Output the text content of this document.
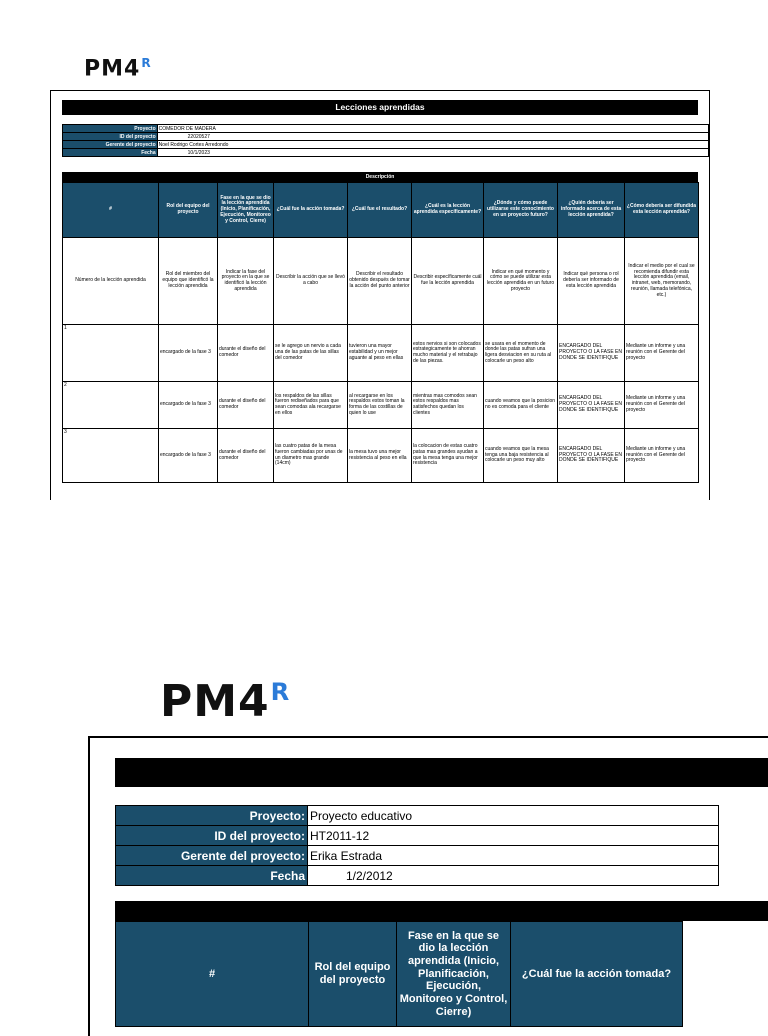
$PM4^R$
Lecciones aprendidas
Proyecto	COMEDOR DE MADERA
ID del proyecto	22020527
Gerente del proyecto	Noel Rodrigo Cortes Arredondo
Fecha	10/1/2023
Descripción
#	Rol del equipo del proyecto	Fase en la que se dio la lección aprendida (Inicio, Planificación, Ejecución, Monitoreo y Control, Cierre)	¿Cuál fue la acción tomada?	¿Cuál fue el resultado?	¿Cuál es la lección aprendida específicamente?	¿Dónde y cómo puede utilizarse este conocimiento en un proyecto futuro?	¿Quién debería ser informado acerca de esta lección aprendida?	¿Cómo debería ser difundida esta lección aprendida?
Número de la lección aprendida	Rol del miembro del equipo que identificó la lección aprendida	Indicar la fase del proyecto en la que se identificó la lección aprendida	Describir la acción que se llevó a cabo	Describir el resultado obtenido después de tomar la acción del punto anterior	Describir específicamente cuál fue la lección aprendida	Indicar en qué momento y cómo se puede utilizar esta lección aprendida en un futuro proyecto	Indicar qué persona o rol debería ser informado de esta lección aprendida	Indicar el medio por el cual se recomienda difundir esta lección aprendida (email, intranet, web, memorando, reunión, llamada telefónica, etc.)
1	encargado de la fase 3	durante el diseño del comedor	se le agrego un nervio a cada una de las patas de las sillas del comedor	tuvieron una mayor estabilidad y un mejor aguante al peso en ellas	estos nervios si son colocados estrategicamente te ahorran mucho material y el retrabajo de las piezas.	se usara en el momento de donde las patas sufran una ligera desviacion en su ruta al colocarle un peso alto	ENCARGADO DEL PROYECTO O LA FASE EN DONDE SE IDENTIFIQUE	Mediante un informe y una reunión con el Gerente del proyecto
2	encargado de la fase 3	durante el diseño del comedor	los respaldos de las sillas fueron rediseñados para que sean comodas ala recargarse en ellos	al recargarse en los respaldos estos toman la forma de las costillas de quien lo use	mientras mas comodos sean estos respaldos mas satisfechos quedan los clientes	cuando veamos que la posicion no es comoda para el cliente	ENCARGADO DEL PROYECTO O LA FASE EN DONDE SE IDENTIFIQUE	Mediante un informe y una reunión con el Gerente del proyecto
3	encargado de la fase 3	durante el diseño del comedor	las cuatro patas de la mesa fueron cambiadas por unas de un diametro mas grande (14cm)	la mesa tuvo una mejor resistencia al peso en ella	la colocacion de estas cuatro patas mas grandes ayudan a que la mesa tenga una mejor resistencia	cuando veamos que la mesa tenga una baja resistencia al colocarle un peso muy alto	ENCARGADO DEL PROYECTO O LA FASE EN DONDE SE IDENTIFIQUE	Mediante un informe y una reunión con el Gerente del proyecto
$PM4^R$
Proyecto:	Proyecto educativo
ID del proyecto:	HT2011-12
Gerente del proyecto:	Erika Estrada
Fecha	1/2/2012
#	Rol del equipo del proyecto	Fase en la que se dio la lección aprendida (Inicio, Planificación, Ejecución, Monitoreo y Control, Cierre)	¿Cuál fue la acción tomada?
